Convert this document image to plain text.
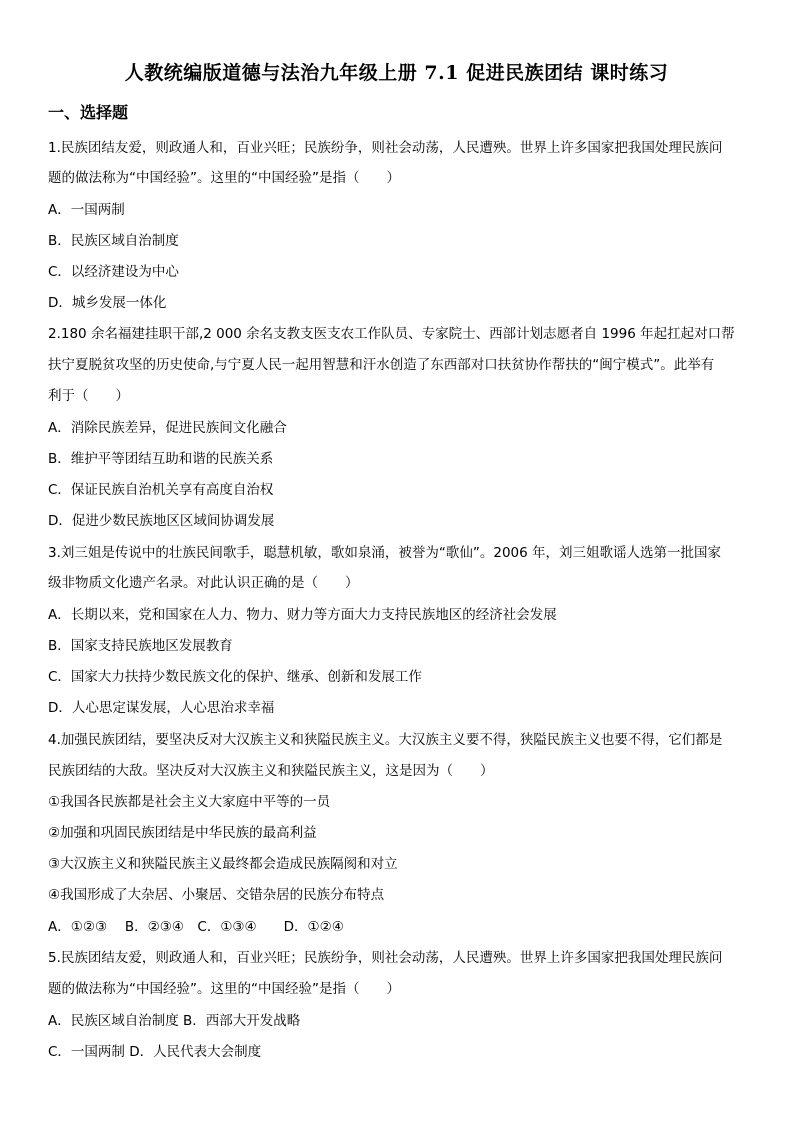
人教统编版道德与法治九年级上册 7.1 促进民族团结 课时练习
一、选择题
1.民族团结友爱，则政通人和，百业兴旺；民族纷争，则社会动荡，人民遭殃。世界上许多国家把我国处理民族问
题的做法称为“中国经验”。这里的“中国经验”是指（　　）
A．一国两制
B．民族区域自治制度
C．以经济建设为中心
D．城乡发展一体化
2.180 余名福建挂职干部,2 000 余名支教支医支农工作队员、专家院士、西部计划志愿者自 1996 年起扛起对口帮
扶宁夏脱贫攻坚的历史使命,与宁夏人民一起用智慧和汗水创造了东西部对口扶贫协作帮扶的“闽宁模式”。此举有
利于（　　）
A．消除民族差异，促进民族间文化融合
B．维护平等团结互助和谐的民族关系
C．保证民族自治机关享有高度自治权
D．促进少数民族地区区域间协调发展
3.刘三姐是传说中的壮族民间歌手，聪慧机敏，歌如泉涌，被誉为“歌仙”。2006 年，刘三姐歌谣人选第一批国家
级非物质文化遗产名录。对此认识正确的是（　　）
A．长期以来，党和国家在人力、物力、财力等方面大力支持民族地区的经济社会发展
B．国家支持民族地区发展教育
C．国家大力扶持少数民族文化的保护、继承、创新和发展工作
D．人心思定谋发展，人心思治求幸福
4.加强民族团结，要坚决反对大汉族主义和狭隘民族主义。大汉族主义要不得，狭隘民族主义也要不得，它们都是
民族团结的大敌。坚决反对大汉族主义和狭隘民族主义，这是因为（　　）
①我国各民族都是社会主义大家庭中平等的一员
②加强和巩固民族团结是中华民族的最高利益
③大汉族主义和狭隘民族主义最终都会造成民族隔阂和对立
④我国形成了大杂居、小聚居、交错杂居的民族分布特点
A．①②③　 B．②③④　C．①③④　　D．①②④
5.民族团结友爱，则政通人和，百业兴旺；民族纷争，则社会动荡，人民遭殃。世界上许多国家把我国处理民族问
题的做法称为“中国经验”。这里的“中国经验”是指（　　）
A．民族区域自治制度 B．西部大开发战略
C．一国两制 D．人民代表大会制度
